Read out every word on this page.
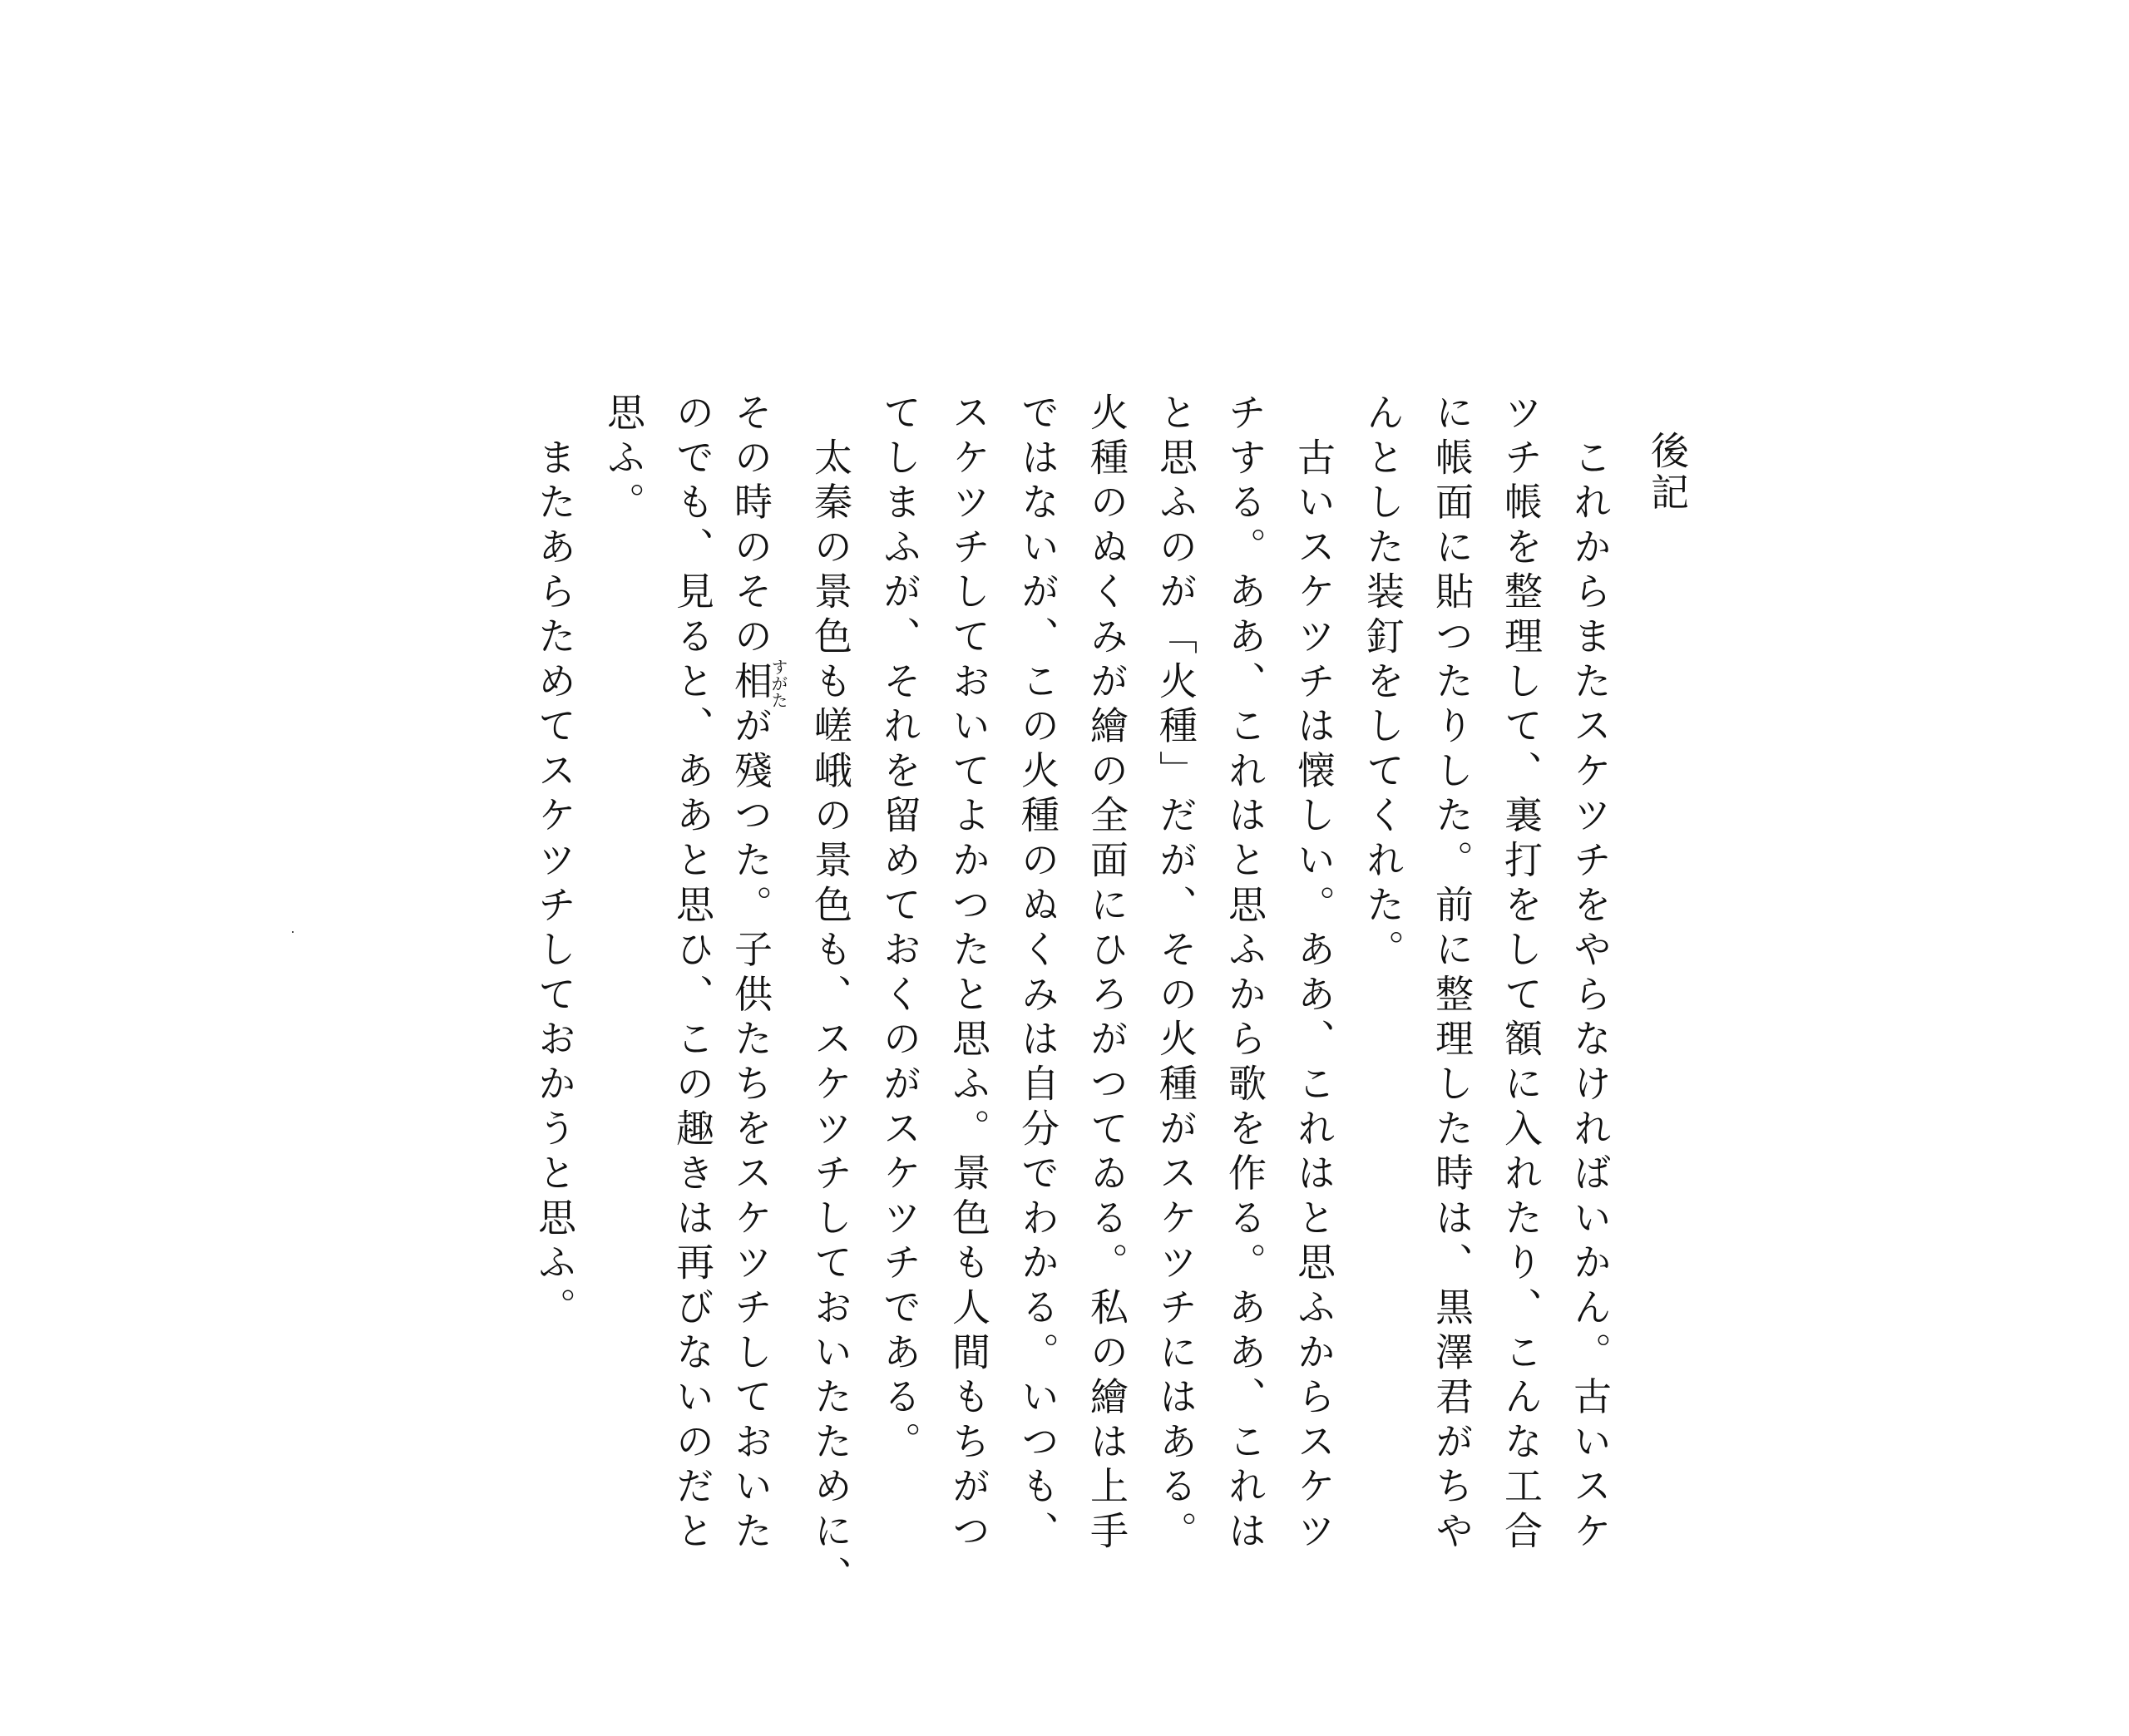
後記
　これからまたスケツチをやらなければいかん。古いスケ
ツチ帳を整理して、裏打をして額に入れたり、こんな工合
に帳面に貼つたりした。前に整理した時は、黒澤君がちや
んとした装釘をしてくれた。
　古いスケツチは懐しい。ああ、これはと思ふからスケツ
チする。ああ、これはと思ふから歌を作る。ああ、これは
と思ふのが「火種」だが、その火種がスケツチにはある。
火種のぬくみが繪の全面にひろがつてゐる。私の繪は上手
ではないが、この火種のぬくみは自分でわかる。いつも、
スケツチしておいてよかつたと思ふ。景色も人間もちがつ
てしまふが、それを留めておくのがスケツチである。
　太秦の景色も嵯峨の景色も、スケツチしておいたために、
その時のその相すがたが殘つた。子供たちをスケツチしておいた
のでも、見ると、ああと思ひ、この趣きは再びないのだと
思ふ。
　またあらためてスケツチしておかうと思ふ。
